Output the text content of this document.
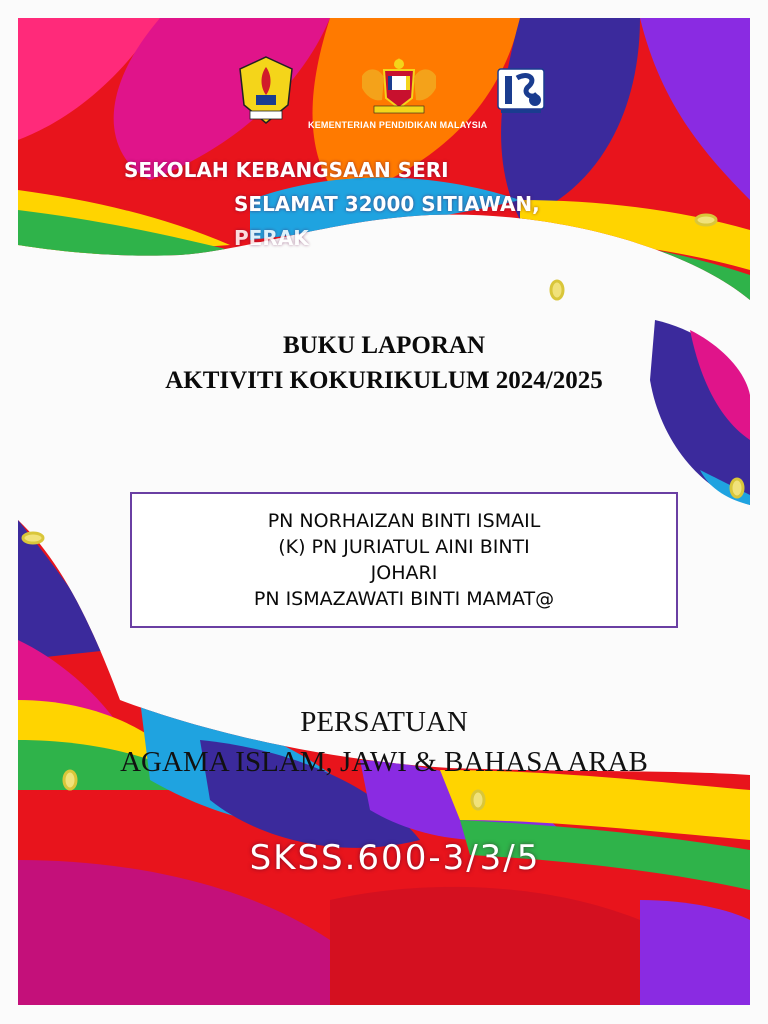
KEMENTERIAN PENDIDIKAN MALAYSIA
SEKOLAH KEBANGSAAN SERI
SELAMAT 32000 SITIAWAN,
PERAK
BUKU LAPORAN
AKTIVITI KOKURIKULUM 2024/2025
PN NORHAIZAN BINTI ISMAIL
(K) PN JURIATUL AINI BINTI
JOHARI
PN ISMAZAWATI BINTI MAMAT@
PERSATUAN
AGAMA ISLAM, JAWI & BAHASA ARAB
SKSS.600-3/3/5
